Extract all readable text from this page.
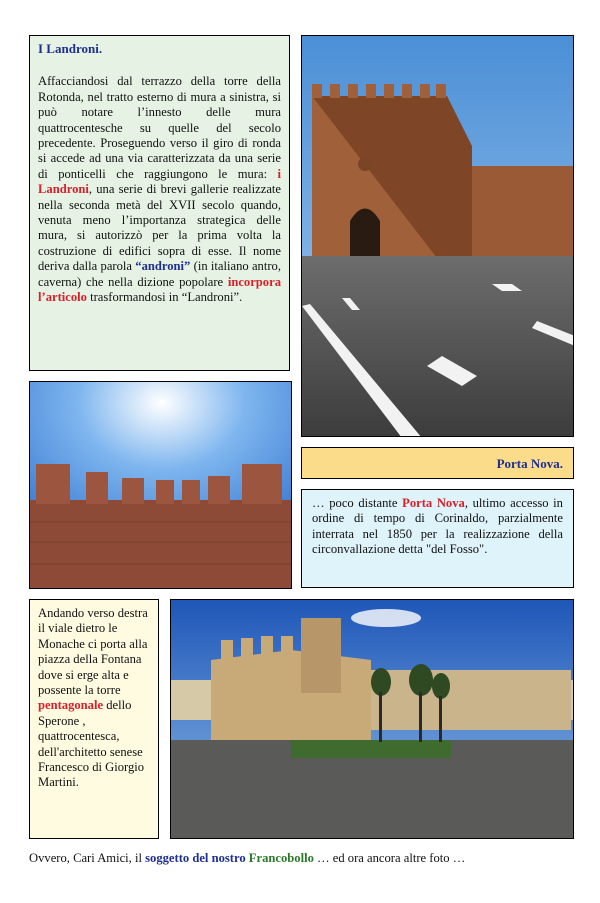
I Landroni.
Affacciandosi dal terrazzo della torre della Rotonda, nel tratto esterno di mura a sinistra, si può notare l’innesto delle mura quattrocentesche su quelle del secolo precedente. Proseguendo verso il giro di ronda si accede ad una via caratterizzata da una serie di ponticelli che raggiungono le mura: i Landroni, una serie di brevi gallerie realizzate nella seconda metà del XVII secolo quando, venuta meno l’importanza strategica delle mura, si autorizzò per la prima volta la costruzione di edifici sopra di esse. Il nome deriva dalla parola “androni” (in italiano antro, caverna) che nella dizione popolare incorpora l’articolo trasformandosi in “Landroni”.
Porta Nova.
… poco distante Porta Nova, ultimo accesso in ordine di tempo di Corinaldo, parzialmente interrata nel 1850 per la realizzazione della circonvallazione detta "del Fosso".
Andando verso destra il viale dietro le Monache ci porta alla piazza della Fontana dove si erge alta e possente la torre pentagonale dello Sperone , quattrocentesca, dell'architetto senese Francesco di Giorgio Martini.
Ovvero, Cari Amici, il soggetto del nostro Francobollo … ed ora ancora altre foto …
